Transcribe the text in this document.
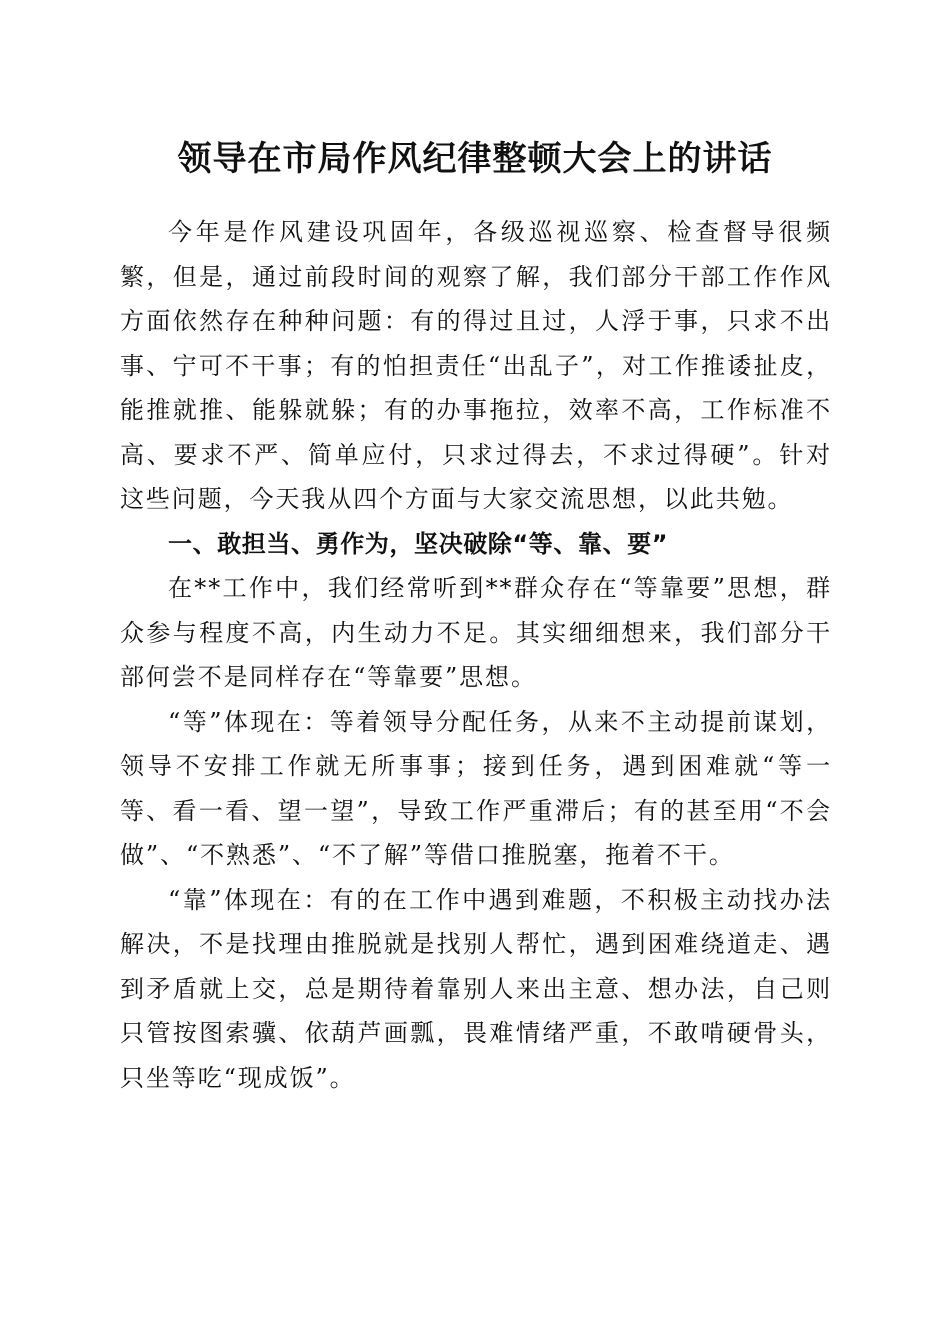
领导在市局作风纪律整顿大会上的讲话

今年是作风建设巩固年，各级巡视巡察、检查督导很频繁，但是，通过前段时间的观察了解，我们部分干部工作作风方面依然存在种种问题：有的得过且过，人浮于事，只求不出事、宁可不干事；有的怕担责任“出乱子”，对工作推诿扯皮，能推就推、能躲就躲；有的办事拖拉，效率不高，工作标准不高、要求不严、简单应付，只求过得去，不求过得硬”。针对这些问题，今天我从四个方面与大家交流思想，以此共勉。

一、敢担当、勇作为，坚决破除“等、靠、要”

在**工作中，我们经常听到**群众存在“等靠要”思想，群众参与程度不高，内生动力不足。其实细细想来，我们部分干部何尝不是同样存在“等靠要”思想。

“等”体现在：等着领导分配任务，从来不主动提前谋划，领导不安排工作就无所事事；接到任务，遇到困难就“等一等、看一看、望一望”，导致工作严重滞后；有的甚至用“不会做”、“不熟悉”、“不了解”等借口推脱塞，拖着不干。

“靠”体现在：有的在工作中遇到难题，不积极主动找办法解决，不是找理由推脱就是找别人帮忙，遇到困难绕道走、遇到矛盾就上交，总是期待着靠别人来出主意、想办法，自己则只管按图索骥、依葫芦画瓢，畏难情绪严重，不敢啃硬骨头，只坐等吃“现成饭”。
